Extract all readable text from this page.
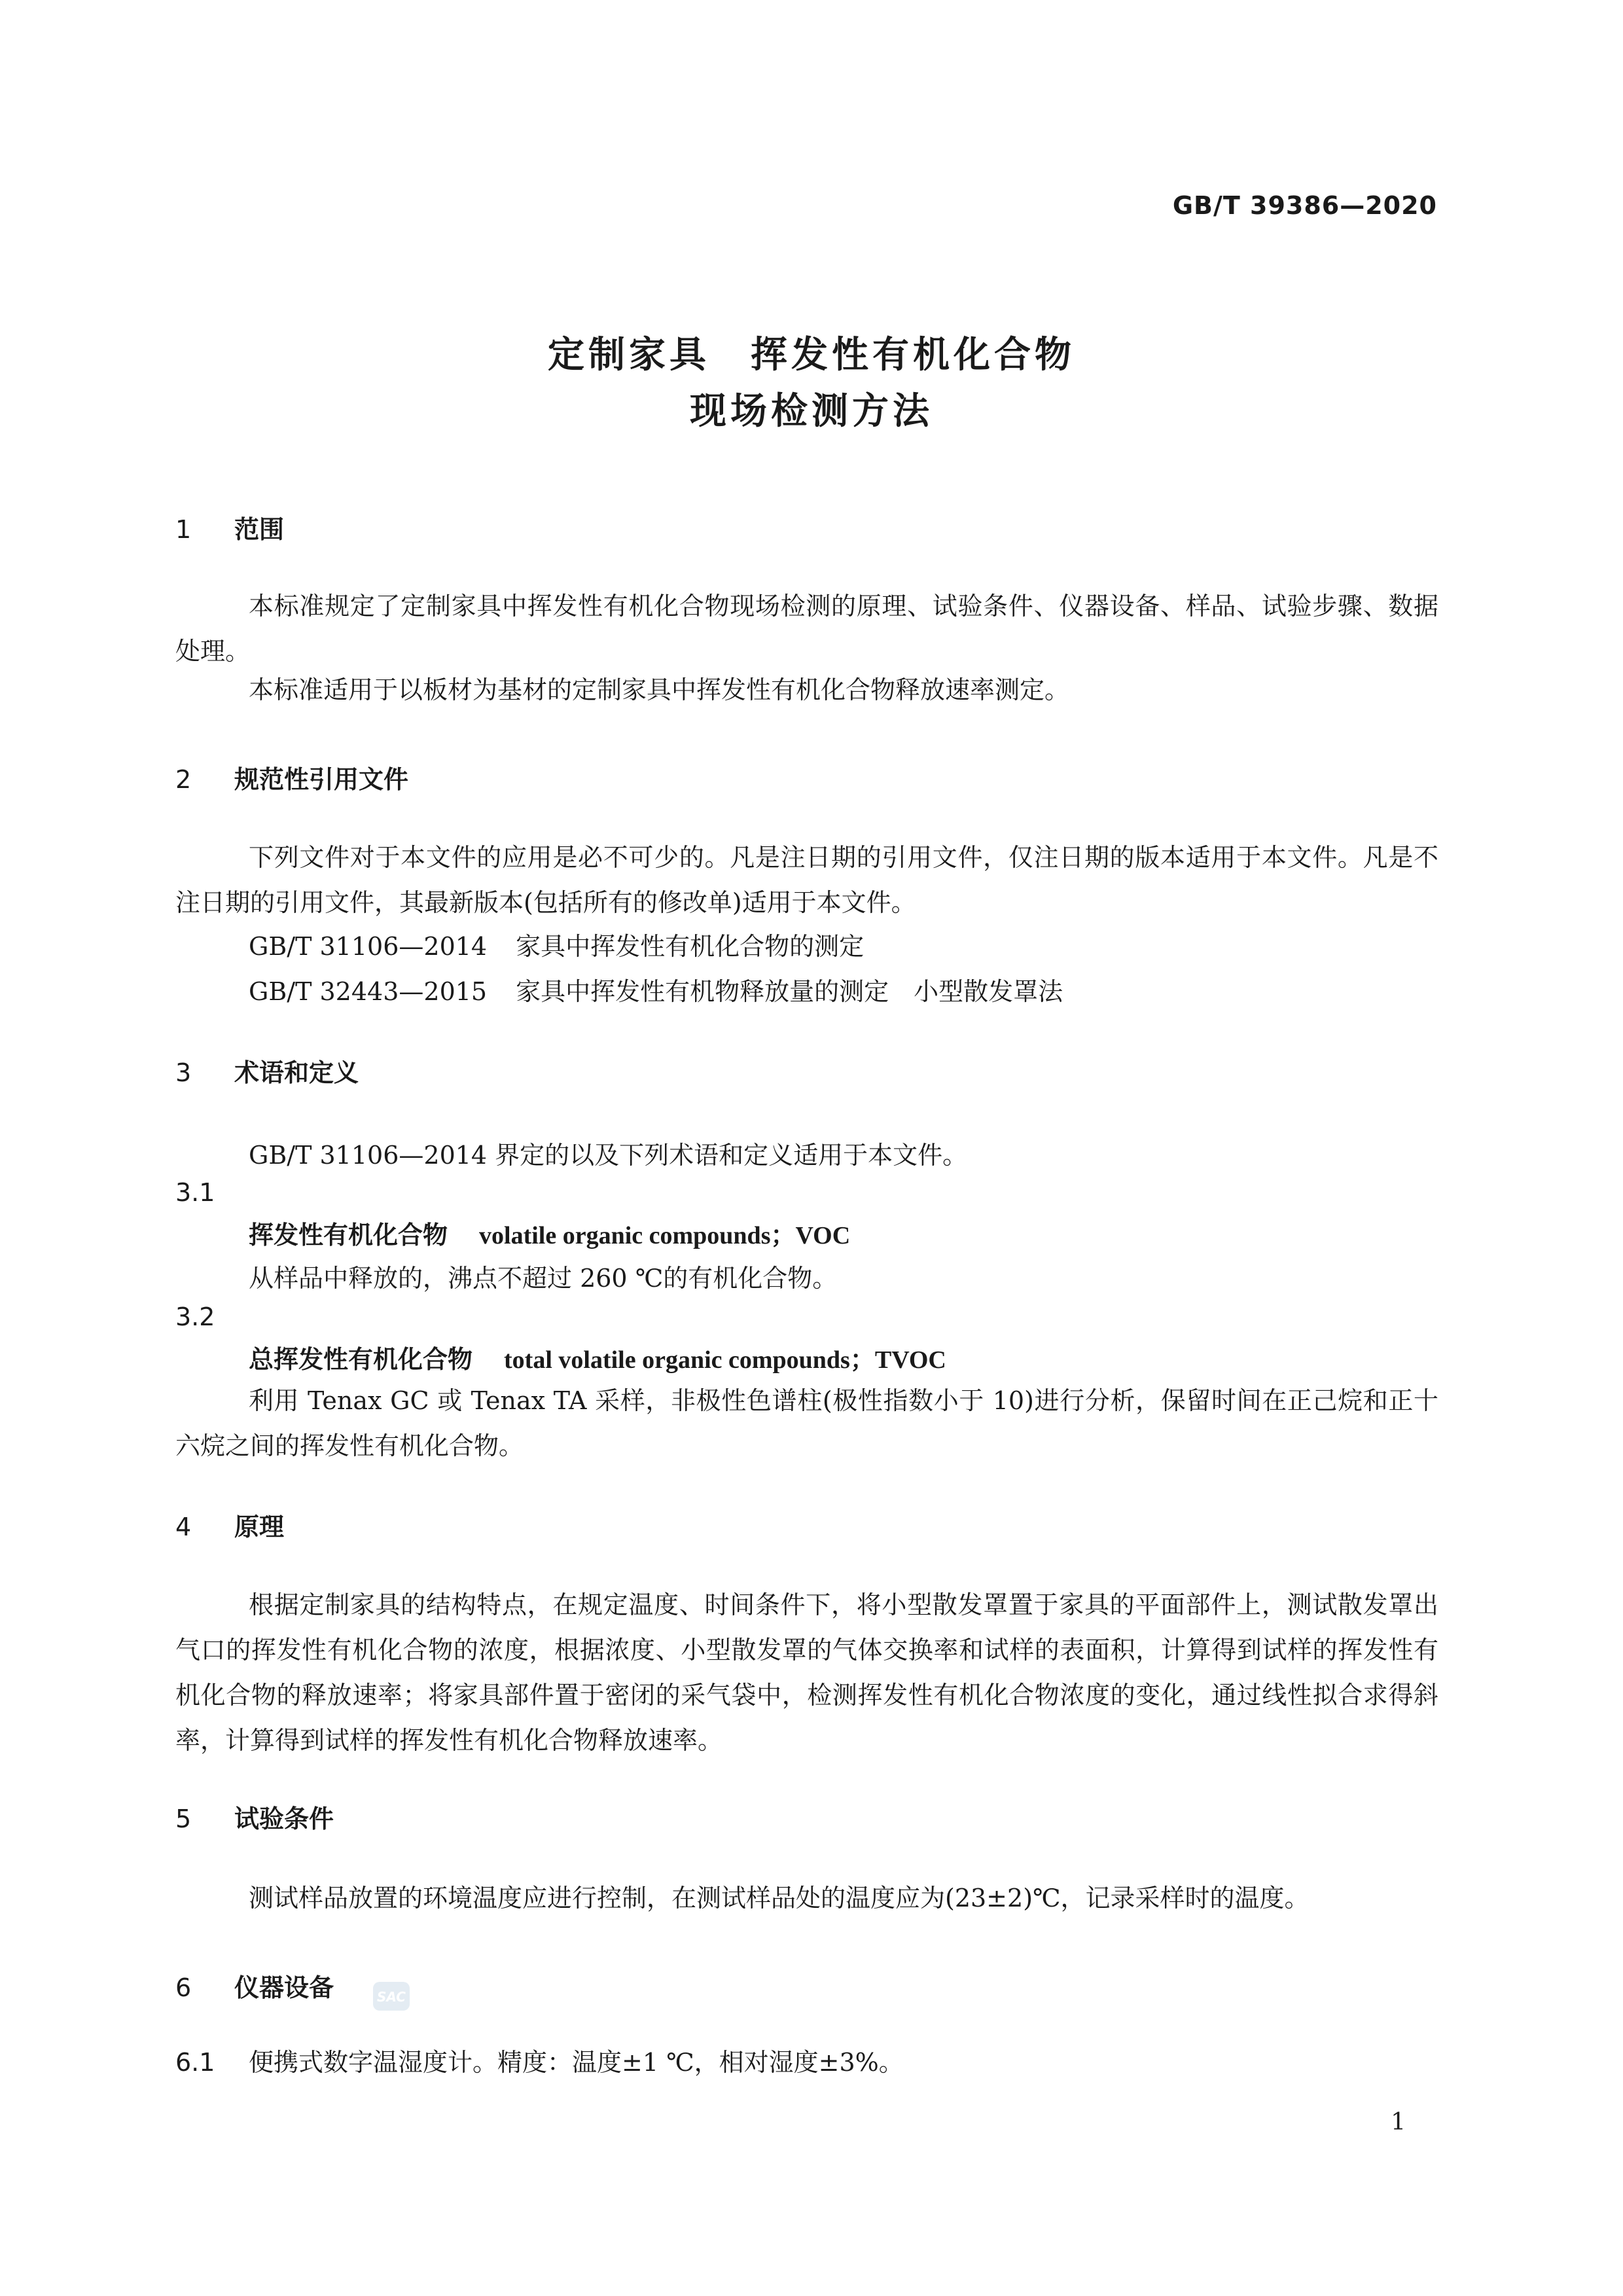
GB/T 39386—2020
定制家具　挥发性有机化合物
现场检测方法
1 范围
本标准规定了定制家具中挥发性有机化合物现场检测的原理、试验条件、仪器设备、样品、试验步骤、数据处理。
本标准适用于以板材为基材的定制家具中挥发性有机化合物释放速率测定。
2 规范性引用文件
下列文件对于本文件的应用是必不可少的。凡是注日期的引用文件，仅注日期的版本适用于本文件。凡是不注日期的引用文件，其最新版本(包括所有的修改单)适用于本文件。
GB/T 31106—2014 家具中挥发性有机化合物的测定
GB/T 32443—2015 家具中挥发性有机物释放量的测定　小型散发罩法
3 术语和定义
GB/T 31106—2014 界定的以及下列术语和定义适用于本文件。
3.1
挥发性有机化合物 volatile organic compounds；VOC
从样品中释放的，沸点不超过 260 ℃的有机化合物。
3.2
总挥发性有机化合物 total volatile organic compounds；TVOC
利用 Tenax GC 或 Tenax TA 采样，非极性色谱柱(极性指数小于 10)进行分析，保留时间在正己烷和正十六烷之间的挥发性有机化合物。
4 原理
根据定制家具的结构特点，在规定温度、时间条件下，将小型散发罩置于家具的平面部件上，测试散发罩出气口的挥发性有机化合物的浓度，根据浓度、小型散发罩的气体交换率和试样的表面积，计算得到试样的挥发性有机化合物的释放速率；将家具部件置于密闭的采气袋中，检测挥发性有机化合物浓度的变化，通过线性拟合求得斜率，计算得到试样的挥发性有机化合物释放速率。
5 试验条件
测试样品放置的环境温度应进行控制，在测试样品处的温度应为(23±2)℃，记录采样时的温度。
6 仪器设备	SAC
6.1 便携式数字温湿度计。精度：温度±1 ℃，相对湿度±3%。
1
